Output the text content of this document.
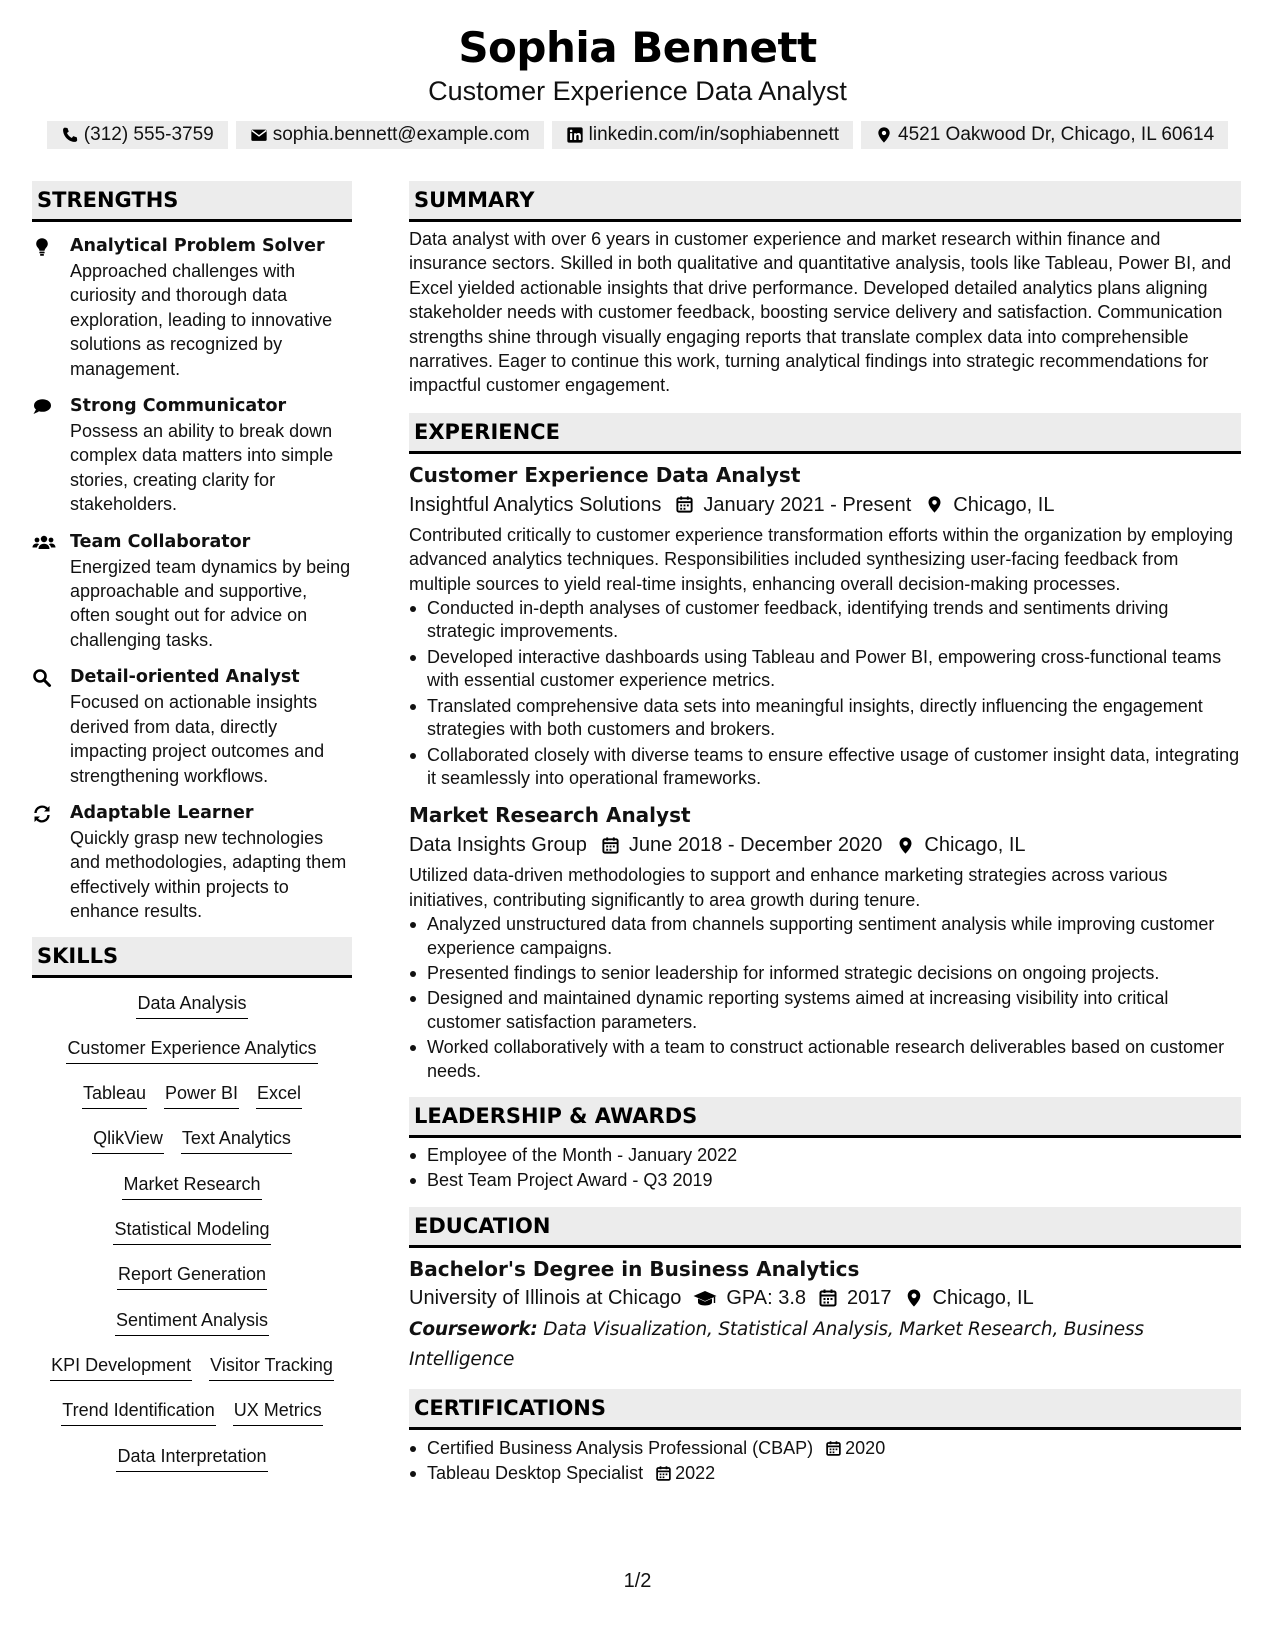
Sophia Bennett
Customer Experience Data Analyst
(312) 555-3759	sophia.bennett@example.com	linkedin.com/in/sophiabennett	4521 Oakwood Dr, Chicago, IL 60614
STRENGTHS
Analytical Problem Solver
Approached challenges with curiosity and thorough data exploration, leading to innovative solutions as recognized by management.
Strong Communicator
Possess an ability to break down complex data matters into simple stories, creating clarity for stakeholders.
Team Collaborator
Energized team dynamics by being approachable and supportive, often sought out for advice on challenging tasks.
Detail-oriented Analyst
Focused on actionable insights derived from data, directly impacting project outcomes and strengthening workflows.
Adaptable Learner
Quickly grasp new technologies and methodologies, adapting them effectively within projects to enhance results.
SKILLS
Data Analysis
Customer Experience Analytics
Tableau Power BI Excel
QlikView Text Analytics
Market Research
Statistical Modeling
Report Generation
Sentiment Analysis
KPI Development Visitor Tracking
Trend Identification UX Metrics
Data Interpretation
SUMMARY
Data analyst with over 6 years in customer experience and market research within finance and insurance sectors. Skilled in both qualitative and quantitative analysis, tools like Tableau, Power BI, and Excel yielded actionable insights that drive performance. Developed detailed analytics plans aligning stakeholder needs with customer feedback, boosting service delivery and satisfaction. Communication strengths shine through visually engaging reports that translate complex data into comprehensible narratives. Eager to continue this work, turning analytical findings into strategic recommendations for impactful customer engagement.
EXPERIENCE
Customer Experience Data Analyst
Insightful Analytics Solutions January 2021 - Present Chicago, IL
Contributed critically to customer experience transformation efforts within the organization by employing advanced analytics techniques. Responsibilities included synthesizing user-facing feedback from multiple sources to yield real-time insights, enhancing overall decision-making processes.
Conducted in-depth analyses of customer feedback, identifying trends and sentiments driving strategic improvements.
Developed interactive dashboards using Tableau and Power BI, empowering cross-functional teams with essential customer experience metrics.
Translated comprehensive data sets into meaningful insights, directly influencing the engagement strategies with both customers and brokers.
Collaborated closely with diverse teams to ensure effective usage of customer insight data, integrating it seamlessly into operational frameworks.
Market Research Analyst
Data Insights Group June 2018 - December 2020 Chicago, IL
Utilized data-driven methodologies to support and enhance marketing strategies across various initiatives, contributing significantly to area growth during tenure.
Analyzed unstructured data from channels supporting sentiment analysis while improving customer experience campaigns.
Presented findings to senior leadership for informed strategic decisions on ongoing projects.
Designed and maintained dynamic reporting systems aimed at increasing visibility into critical customer satisfaction parameters.
Worked collaboratively with a team to construct actionable research deliverables based on customer needs.
LEADERSHIP & AWARDS
Employee of the Month - January 2022
Best Team Project Award - Q3 2019
EDUCATION
Bachelor's Degree in Business Analytics
University of Illinois at Chicago GPA: 3.8 2017 Chicago, IL
Coursework: Data Visualization, Statistical Analysis, Market Research, Business Intelligence
CERTIFICATIONS
Certified Business Analysis Professional (CBAP) 2020
Tableau Desktop Specialist 2022
1/2
